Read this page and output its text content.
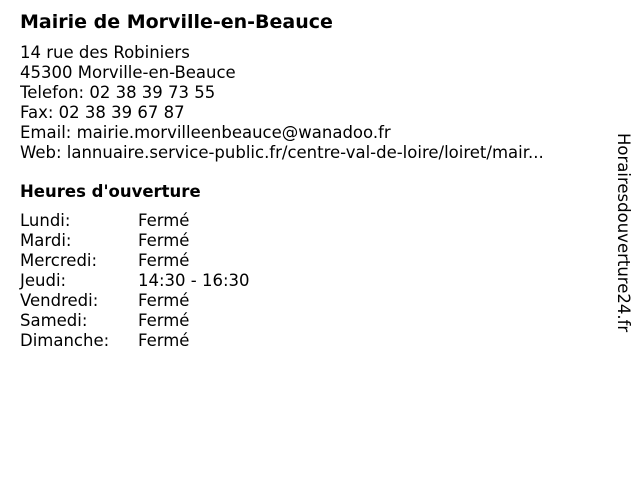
Mairie de Morville-en-Beauce
14 rue des Robiniers
45300 Morville-en-Beauce
Telefon: 02 38 39 73 55
Fax: 02 38 39 67 87
Email: mairie.morvilleenbeauce@wanadoo.fr
Web: lannuaire.service-public.fr/centre-val-de-loire/loiret/mair...
Heures d'ouverture
Lundi:	Fermé
Mardi:	Fermé
Mercredi:	Fermé
Jeudi:	14:30 - 16:30
Vendredi:	Fermé
Samedi:	Fermé
Dimanche:	Fermé
Horairesdouverture24.fr
